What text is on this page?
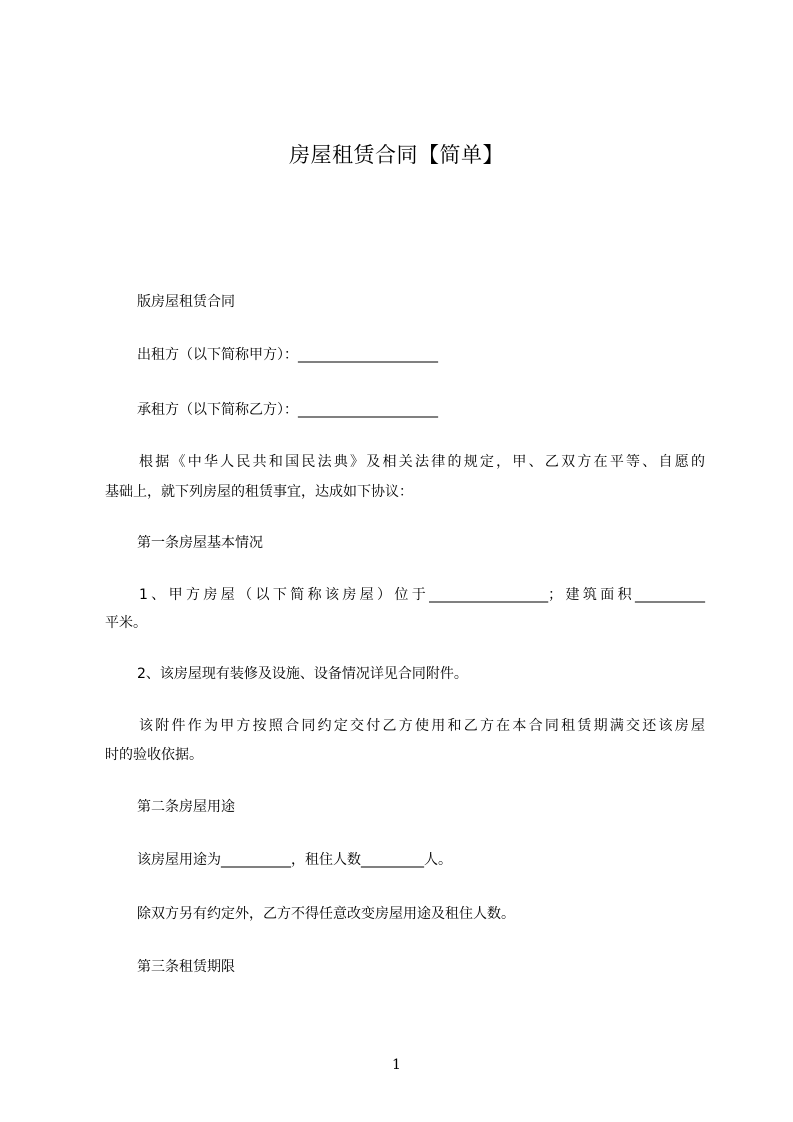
房屋租赁合同【简单】
版房屋租赁合同
出租方（以下简称甲方）：____________________
承租方（以下简称乙方）：____________________
根据《中华人民共和国民法典》及相关法律的规定，甲、乙双方在平等、自愿的
基础上，就下列房屋的租赁事宜，达成如下协议：
第一条房屋基本情况
1、甲方房屋（以下简称该房屋）位于_________________；建筑面积__________
平米。
2、该房屋现有装修及设施、设备情况详见合同附件。
该附件作为甲方按照合同约定交付乙方使用和乙方在本合同租赁期满交还该房屋
时的验收依据。
第二条房屋用途
该房屋用途为__________，租住人数_________人。
除双方另有约定外，乙方不得任意改变房屋用途及租住人数。
第三条租赁期限
1
